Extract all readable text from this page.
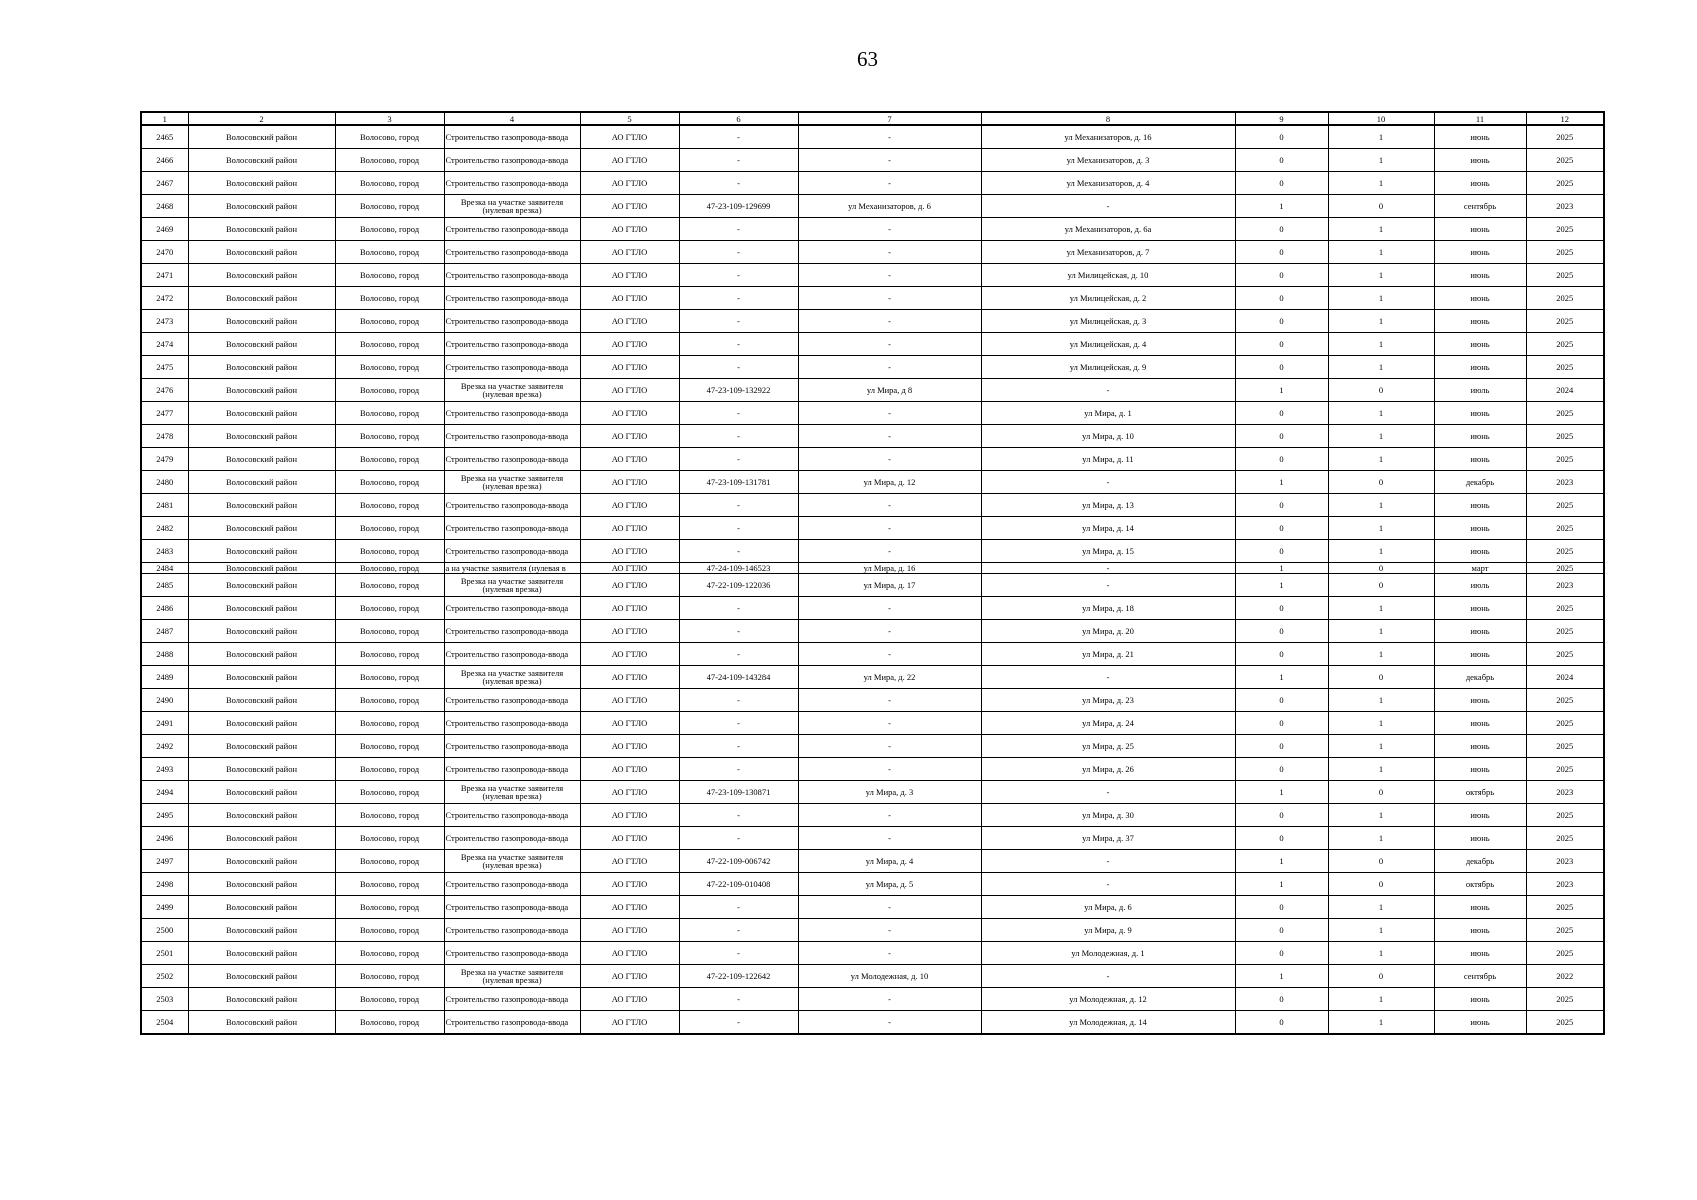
63
1	2	3	4	5	6	7	8	9	10	11	12
2465	Волосовский район	Волосово, город	Строительство газопровода-ввода	АО ГТЛО	-	-	ул Механизаторов, д. 16	0	1	июнь	2025
2466	Волосовский район	Волосово, город	Строительство газопровода-ввода	АО ГТЛО	-	-	ул Механизаторов, д. 3	0	1	июнь	2025
2467	Волосовский район	Волосово, город	Строительство газопровода-ввода	АО ГТЛО	-	-	ул Механизаторов, д. 4	0	1	июнь	2025
2468	Волосовский район	Волосово, город	Врезка на участке заявителя (нулевая врезка)	АО ГТЛО	47-23-109-129699	ул Механизаторов, д. 6	-	1	0	сентябрь	2023
2469	Волосовский район	Волосово, город	Строительство газопровода-ввода	АО ГТЛО	-	-	ул Механизаторов, д. 6а	0	1	июнь	2025
2470	Волосовский район	Волосово, город	Строительство газопровода-ввода	АО ГТЛО	-	-	ул Механизаторов, д. 7	0	1	июнь	2025
2471	Волосовский район	Волосово, город	Строительство газопровода-ввода	АО ГТЛО	-	-	ул Милицейская, д. 10	0	1	июнь	2025
2472	Волосовский район	Волосово, город	Строительство газопровода-ввода	АО ГТЛО	-	-	ул Милицейская, д. 2	0	1	июнь	2025
2473	Волосовский район	Волосово, город	Строительство газопровода-ввода	АО ГТЛО	-	-	ул Милицейская, д. 3	0	1	июнь	2025
2474	Волосовский район	Волосово, город	Строительство газопровода-ввода	АО ГТЛО	-	-	ул Милицейская, д. 4	0	1	июнь	2025
2475	Волосовский район	Волосово, город	Строительство газопровода-ввода	АО ГТЛО	-	-	ул Милицейская, д. 9	0	1	июнь	2025
2476	Волосовский район	Волосово, город	Врезка на участке заявителя (нулевая врезка)	АО ГТЛО	47-23-109-132922	ул Мира, д 8	-	1	0	июль	2024
2477	Волосовский район	Волосово, город	Строительство газопровода-ввода	АО ГТЛО	-	-	ул Мира, д. 1	0	1	июнь	2025
2478	Волосовский район	Волосово, город	Строительство газопровода-ввода	АО ГТЛО	-	-	ул Мира, д. 10	0	1	июнь	2025
2479	Волосовский район	Волосово, город	Строительство газопровода-ввода	АО ГТЛО	-	-	ул Мира, д. 11	0	1	июнь	2025
2480	Волосовский район	Волосово, город	Врезка на участке заявителя (нулевая врезка)	АО ГТЛО	47-23-109-131781	ул Мира, д. 12	-	1	0	декабрь	2023
2481	Волосовский район	Волосово, город	Строительство газопровода-ввода	АО ГТЛО	-	-	ул Мира, д. 13	0	1	июнь	2025
2482	Волосовский район	Волосово, город	Строительство газопровода-ввода	АО ГТЛО	-	-	ул Мира, д. 14	0	1	июнь	2025
2483	Волосовский район	Волосово, город	Строительство газопровода-ввода	АО ГТЛО	-	-	ул Мира, д. 15	0	1	июнь	2025
2484	Волосовский район	Волосово, город	а на участке заявителя (нулевая в	АО ГТЛО	47-24-109-146523	ул Мира, д. 16	-	1	0	март	2025
2485	Волосовский район	Волосово, город	Врезка на участке заявителя (нулевая врезка)	АО ГТЛО	47-22-109-122036	ул Мира, д. 17	-	1	0	июль	2023
2486	Волосовский район	Волосово, город	Строительство газопровода-ввода	АО ГТЛО	-	-	ул Мира, д. 18	0	1	июнь	2025
2487	Волосовский район	Волосово, город	Строительство газопровода-ввода	АО ГТЛО	-	-	ул Мира, д. 20	0	1	июнь	2025
2488	Волосовский район	Волосово, город	Строительство газопровода-ввода	АО ГТЛО	-	-	ул Мира, д. 21	0	1	июнь	2025
2489	Волосовский район	Волосово, город	Врезка на участке заявителя (нулевая врезка)	АО ГТЛО	47-24-109-143284	ул Мира, д. 22	-	1	0	декабрь	2024
2490	Волосовский район	Волосово, город	Строительство газопровода-ввода	АО ГТЛО	-	-	ул Мира, д. 23	0	1	июнь	2025
2491	Волосовский район	Волосово, город	Строительство газопровода-ввода	АО ГТЛО	-	-	ул Мира, д. 24	0	1	июнь	2025
2492	Волосовский район	Волосово, город	Строительство газопровода-ввода	АО ГТЛО	-	-	ул Мира, д. 25	0	1	июнь	2025
2493	Волосовский район	Волосово, город	Строительство газопровода-ввода	АО ГТЛО	-	-	ул Мира, д. 26	0	1	июнь	2025
2494	Волосовский район	Волосово, город	Врезка на участке заявителя (нулевая врезка)	АО ГТЛО	47-23-109-130871	ул Мира, д. 3	-	1	0	октябрь	2023
2495	Волосовский район	Волосово, город	Строительство газопровода-ввода	АО ГТЛО	-	-	ул Мира, д. 30	0	1	июнь	2025
2496	Волосовский район	Волосово, город	Строительство газопровода-ввода	АО ГТЛО	-	-	ул Мира, д. 37	0	1	июнь	2025
2497	Волосовский район	Волосово, город	Врезка на участке заявителя (нулевая врезка)	АО ГТЛО	47-22-109-006742	ул Мира, д. 4	-	1	0	декабрь	2023
2498	Волосовский район	Волосово, город	Строительство газопровода-ввода	АО ГТЛО	47-22-109-010408	ул Мира, д. 5	-	1	0	октябрь	2023
2499	Волосовский район	Волосово, город	Строительство газопровода-ввода	АО ГТЛО	-	-	ул Мира, д. 6	0	1	июнь	2025
2500	Волосовский район	Волосово, город	Строительство газопровода-ввода	АО ГТЛО	-	-	ул Мира, д. 9	0	1	июнь	2025
2501	Волосовский район	Волосово, город	Строительство газопровода-ввода	АО ГТЛО	-	-	ул Молодежная, д. 1	0	1	июнь	2025
2502	Волосовский район	Волосово, город	Врезка на участке заявителя (нулевая врезка)	АО ГТЛО	47-22-109-122642	ул Молодежная, д. 10	-	1	0	сентябрь	2022
2503	Волосовский район	Волосово, город	Строительство газопровода-ввода	АО ГТЛО	-	-	ул Молодежная, д. 12	0	1	июнь	2025
2504	Волосовский район	Волосово, город	Строительство газопровода-ввода	АО ГТЛО	-	-	ул Молодежная, д. 14	0	1	июнь	2025
